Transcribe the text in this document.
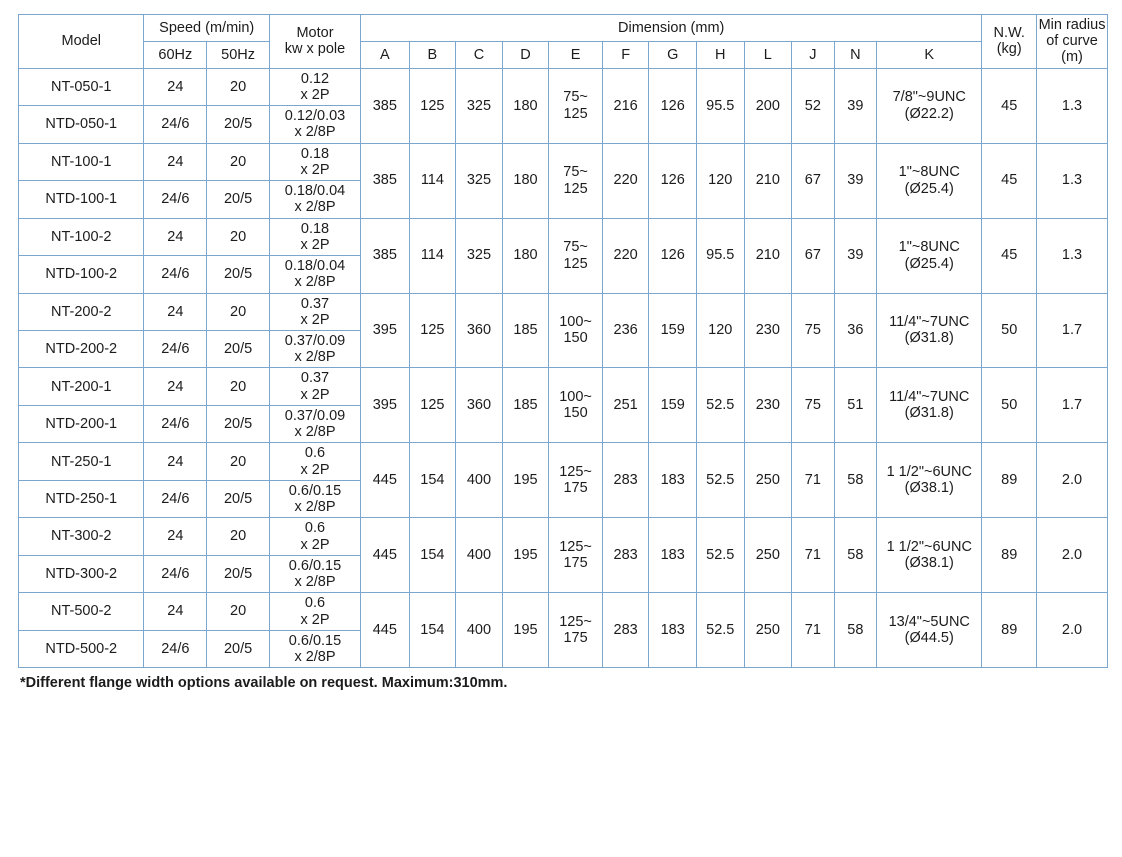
Model	Speed (m/min)		Motor
kw x pole	Dimension (mm)												N.W.
(kg)	Min radius
of curve
(m)

	60Hz	50Hz		A	B	C	D	E	F	G	H	L	J	N	K		
NT-050-1	24	20	0.12
x 2P	385	125	325	180	75~
125	216	126	95.5	200	52	39	7/8"~9UNC
(Ø22.2)	45	1.3
NTD-050-1	24/6	20/5	0.12/0.03
x 2/8P														

NT-100-1	24	20	0.18
x 2P	385	114	325	180	75~
125	220	126	120	210	67	39	1"~8UNC
(Ø25.4)	45	1.3
NTD-100-1	24/6	20/5	0.18/0.04
x 2/8P														

NT-100-2	24	20	0.18
x 2P	385	114	325	180	75~
125	220	126	95.5	210	67	39	1"~8UNC
(Ø25.4)	45	1.3
NTD-100-2	24/6	20/5	0.18/0.04
x 2/8P														

NT-200-2	24	20	0.37
x 2P	395	125	360	185	100~
150	236	159	120	230	75	36	11/4"~7UNC
(Ø31.8)	50	1.7
NTD-200-2	24/6	20/5	0.37/0.09
x 2/8P														

NT-200-1	24	20	0.37
x 2P	395	125	360	185	100~
150	251	159	52.5	230	75	51	11/4"~7UNC
(Ø31.8)	50	1.7
NTD-200-1	24/6	20/5	0.37/0.09
x 2/8P														

NT-250-1	24	20	0.6
x 2P	445	154	400	195	125~
175	283	183	52.5	250	71	58	1 1/2"~6UNC
(Ø38.1)	89	2.0
NTD-250-1	24/6	20/5	0.6/0.15
x 2/8P														

NT-300-2	24	20	0.6
x 2P	445	154	400	195	125~
175	283	183	52.5	250	71	58	1 1/2"~6UNC
(Ø38.1)	89	2.0
NTD-300-2	24/6	20/5	0.6/0.15
x 2/8P														

NT-500-2	24	20	0.6
x 2P	445	154	400	195	125~
175	283	183	52.5	250	71	58	13/4"~5UNC
(Ø44.5)	89	2.0
NTD-500-2	24/6	20/5	0.6/0.15
x 2/8P														
*Different flange width options available on request. Maximum:310mm.
